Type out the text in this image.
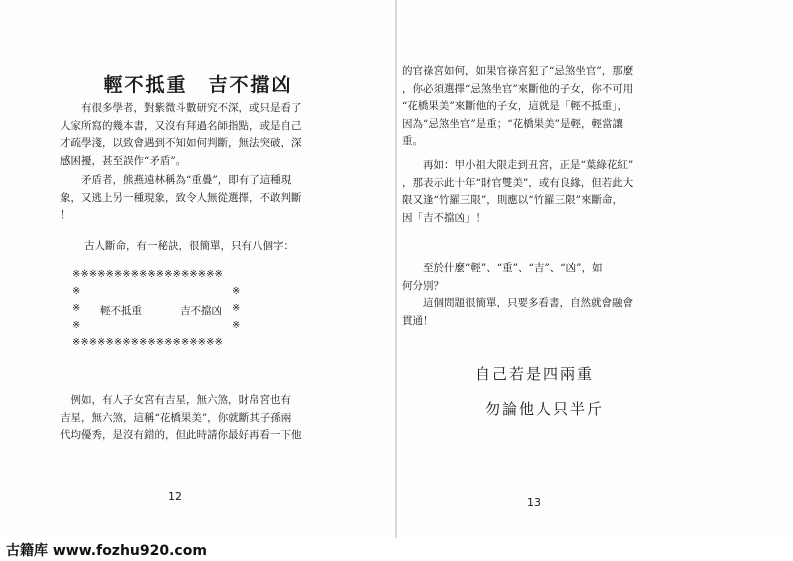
輕不抵重　吉不擋凶

　　有很多學者，對紫微斗數研究不深，或只是看了
人家所寫的幾本書，又沒有拜過名師指點，或是自己
才疏學淺，以致會遇到不知如何判斷，無法突破，深
感困擾，甚至誤作“矛盾”。

　　矛盾者，熊燕遠林稱為“重疊”，即有了這種現
象，又逃上另一種現象，致令人無從選擇，不敢判斷
！

古人斷命，有一秘訣，很簡單，只有八個字：

※※※※※※※※※※※※※※※※※※
※	※
※ 輕不抵重	吉不擋凶 ※
※	※
※※※※※※※※※※※※※※※※※※

　例如，有人子女宮有吉星，無六煞，財帛宮也有
吉星，無六煞，這稱“花橋果美”，你就斷其子孫兩
代均優秀，是沒有錯的，但此時請你最好再看一下他

12

的官祿宮如何，如果官祿宮犯了“忌煞坐官”，那麼
，你必須選擇“忌煞坐官”來斷他的子女，你不可用
“花橋果美”來斷他的子女，這就是「輕不抵重」，
因為“忌煞坐官”是重；“花橋果美”是輕，輕當讓
重。

　　再如：甲小祖大限走到丑宮，正是“葉綠花紅”
，那表示此十年“財官雙美”，或有良緣，但若此大
限又逢“竹羅三限”，則應以“竹羅三限”來斷命，
因「吉不擋凶」！

　　至於什麼“輕”、“重”、“吉”、“凶”，如
何分別？
　　這個問題很簡單，只要多看書，自然就會融會
貫通！

自己若是四兩重
勿論他人只半斤
13
古籍库 www.fozhu920.com
